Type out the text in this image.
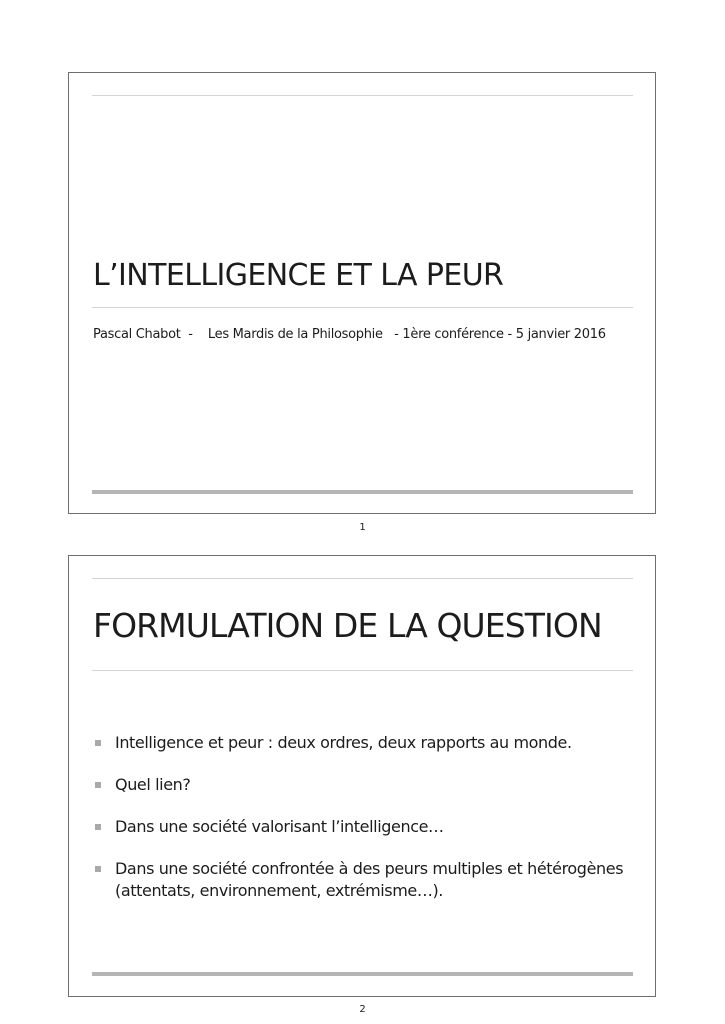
L’INTELLIGENCE ET LA PEUR

Pascal Chabot  -    Les Mardis de la Philosophie   - 1ère conférence - 5 janvier 2016

1
FORMULATION DE LA QUESTION
Intelligence et peur : deux ordres, deux rapports au monde.
Quel lien?
Dans une société valorisant l’intelligence…
Dans une société confrontée à des peurs multiples et hétérogènes (attentats, environnement, extrémisme…).
2
